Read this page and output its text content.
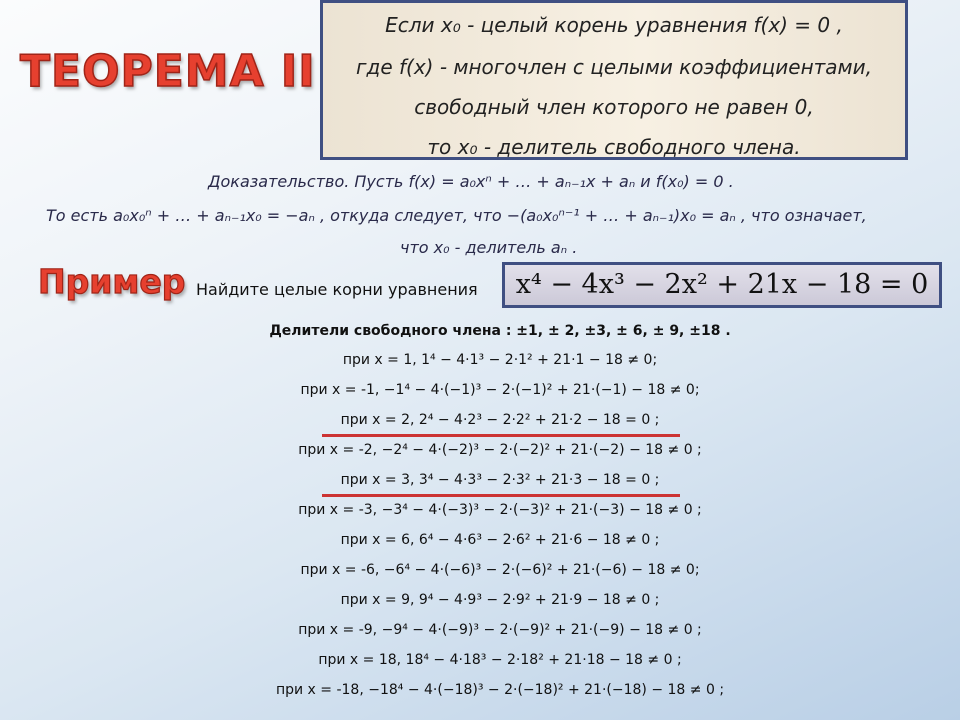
ТЕОРЕМА II
Если x₀ - целый корень уравнения f(x) = 0 ,
где f(x) - многочлен с целыми коэффициентами,
свободный член которого не равен 0,
то x₀ - делитель свободного члена.
Доказательство. Пусть f(x) = a₀xⁿ + … + aₙ₋₁x + aₙ и f(x₀) = 0 .
То есть a₀x₀ⁿ + … + aₙ₋₁x₀ = −aₙ , откуда следует, что −(a₀x₀ⁿ⁻¹ + … + aₙ₋₁)x₀ = aₙ , что означает,
что x₀ - делитель aₙ .
Пример Найдите целые корни уравнения	x⁴ − 4x³ − 2x² + 21x − 18 = 0
Делители свободного члена : ±1, ± 2, ±3, ± 6, ± 9, ±18 .
при x = 1, 1⁴ − 4·1³ − 2·1² + 21·1 − 18 ≠ 0;
при x = -1, −1⁴ − 4·(−1)³ − 2·(−1)² + 21·(−1) − 18 ≠ 0;
при x = 2, 2⁴ − 4·2³ − 2·2² + 21·2 − 18 = 0 ;
при x = -2, −2⁴ − 4·(−2)³ − 2·(−2)² + 21·(−2) − 18 ≠ 0 ;
при x = 3, 3⁴ − 4·3³ − 2·3² + 21·3 − 18 = 0 ;
при x = -3, −3⁴ − 4·(−3)³ − 2·(−3)² + 21·(−3) − 18 ≠ 0 ;
при x = 6, 6⁴ − 4·6³ − 2·6² + 21·6 − 18 ≠ 0 ;
при x = -6, −6⁴ − 4·(−6)³ − 2·(−6)² + 21·(−6) − 18 ≠ 0;
при x = 9, 9⁴ − 4·9³ − 2·9² + 21·9 − 18 ≠ 0 ;
при x = -9, −9⁴ − 4·(−9)³ − 2·(−9)² + 21·(−9) − 18 ≠ 0 ;
при x = 18, 18⁴ − 4·18³ − 2·18² + 21·18 − 18 ≠ 0 ;
при x = -18, −18⁴ − 4·(−18)³ − 2·(−18)² + 21·(−18) − 18 ≠ 0 ;
